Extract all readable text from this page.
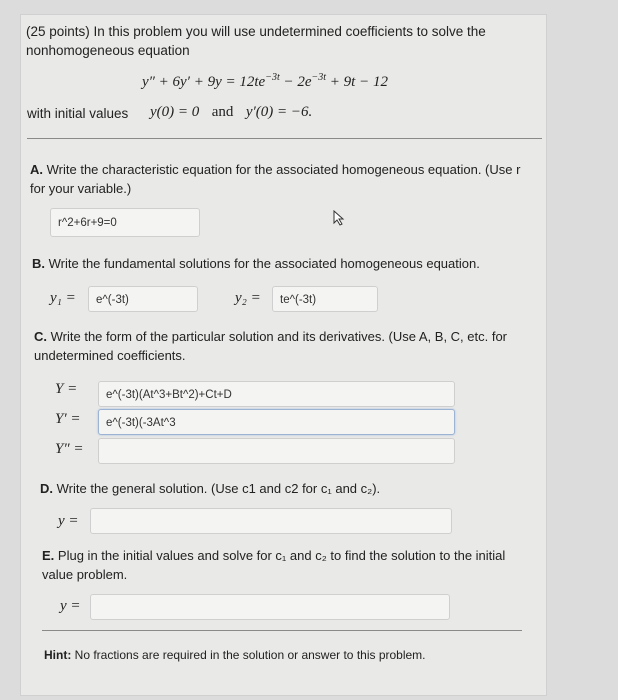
(25 points) In this problem you will use undetermined coefficients to solve the nonhomogeneous equation
$y'' + 6y' + 9y = 12te^{-3t} - 2e^{-3t} + 9t - 12$
with initial values y(0) = 0 and y′(0) = −6.
A. Write the characteristic equation for the associated homogeneous equation. (Use r for your variable.)
r^2+6r+9=0
B. Write the fundamental solutions for the associated homogeneous equation.
y₁ =	e^(-3t)	y₂ =	te^(-3t)
C. Write the form of the particular solution and its derivatives. (Use A, B, C, etc. for undetermined coefficients.
Y =	e^(-3t)(At^3+Bt^2)+Ct+D
Y′ =	e^(-3t)(-3At^3
Y″ =
D. Write the general solution. (Use c1 and c2 for c₁ and c₂).
y =
E. Plug in the initial values and solve for c₁ and c₂ to find the solution to the initial value problem.
y =
Hint: No fractions are required in the solution or answer to this problem.
